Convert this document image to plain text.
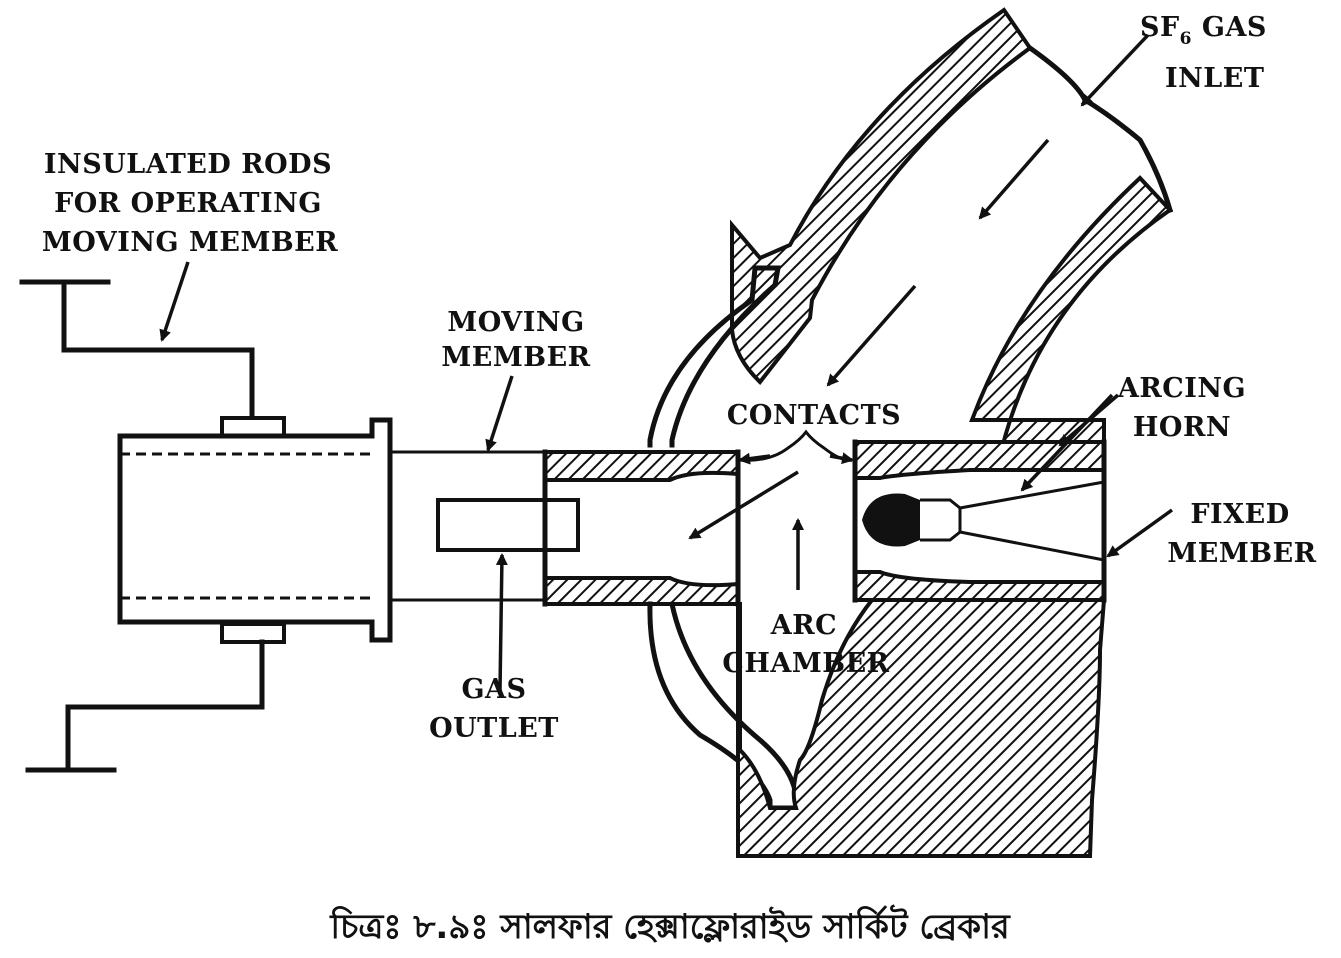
INSULATED RODS
FOR OPERATING
MOVING MEMBER
MOVING
MEMBER
$SF_6$ GAS
INLET
CONTACTS
ARCING
HORN
FIXED
MEMBER
ARC
CHAMBER
GAS
OUTLET
চিত্রঃ ৮.৯ঃ সালফার হেক্সাফ্লোরাইড সার্কিট ব্রেকার
